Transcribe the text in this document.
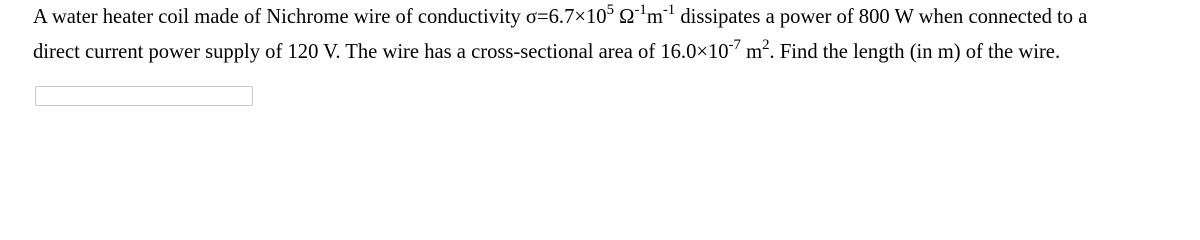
A water heater coil made of Nichrome wire of conductivity $\sigma=6.7\times 10^5$ $\Omega^{-1}m^{-1}$ dissipates a power of 800 W when connected to a
direct current power supply of 120 V. The wire has a cross-sectional area of $16.0\times 10^{-7}$ $m^2$. Find the length (in m) of the wire.
